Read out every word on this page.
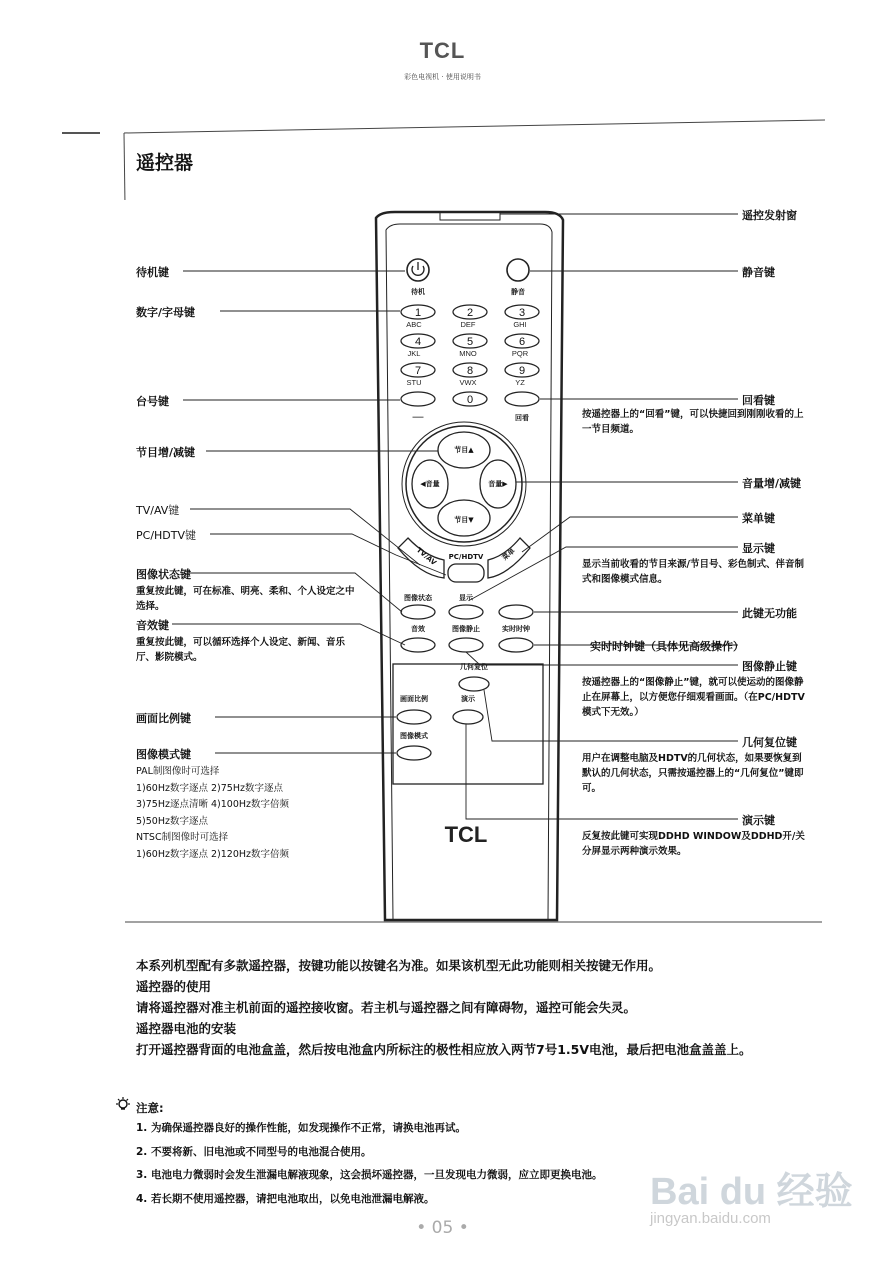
TCL
彩色电视机 · 使用说明书
遥控器
待机	静音
1	2	3
4	5	6
7	8	9
0
ABC	DEF	GHI
JKL	MNO	PQR
STU	VWX	YZ
—	回看
节目▲
节目▼
◀音量	音量▶
TV/AV PC/HDTV 菜单
图像状态	显示
音效	图像静止	实时时钟
几何复位
画面比例	演示
图像模式
TCL
待机键
数字/字母键
台号键
节目增/减键
TV/AV键
PC/HDTV键
图像状态键
重复按此键，可在标准、明亮、柔和、个人设定之中选择。
音效键
重复按此键，可以循环选择个人设定、新闻、音乐厅、影院模式。
画面比例键
图像模式键
PAL制图像时可选择
1)60Hz数字逐点 2)75Hz数字逐点
3)75Hz逐点清晰 4)100Hz数字倍频
5)50Hz数字逐点
NTSC制图像时可选择
1)60Hz数字逐点 2)120Hz数字倍频
遥控发射窗
静音键
回看键
按遥控器上的“回看”键，可以快捷回到刚刚收看的上一节目频道。
音量增/减键
菜单键
显示键
显示当前收看的节目来源/节目号、彩色制式、伴音制式和图像模式信息。
此键无功能
实时时钟键（具体见高级操作）
图像静止键
按遥控器上的“图像静止”键，就可以使运动的图像静止在屏幕上，以方便您仔细观看画面。（在PC/HDTV模式下无效。）
几何复位键
用户在调整电脑及HDTV的几何状态，如果要恢复到默认的几何状态，只需按遥控器上的“几何复位”键即可。
演示键
反复按此键可实现DDHD WINDOW及DDHD开/关分屏显示两种演示效果。
本系列机型配有多款遥控器，按键功能以按键名为准。如果该机型无此功能则相关按键无作用。
遥控器的使用
请将遥控器对准主机前面的遥控接收窗。若主机与遥控器之间有障碍物，遥控可能会失灵。
遥控器电池的安装
打开遥控器背面的电池盒盖，然后按电池盒内所标注的极性相应放入两节7号1.5V电池，最后把电池盒盖盖上。
注意:
1. 为确保遥控器良好的操作性能，如发现操作不正常，请换电池再试。
2. 不要将新、旧电池或不同型号的电池混合使用。
3. 电池电力微弱时会发生泄漏电解液现象，这会损坏遥控器，一旦发现电力微弱，应立即更换电池。
4. 若长期不使用遥控器，请把电池取出，以免电池泄漏电解液。	Bai du 经验
jingyan.baidu.com
• 05 •
